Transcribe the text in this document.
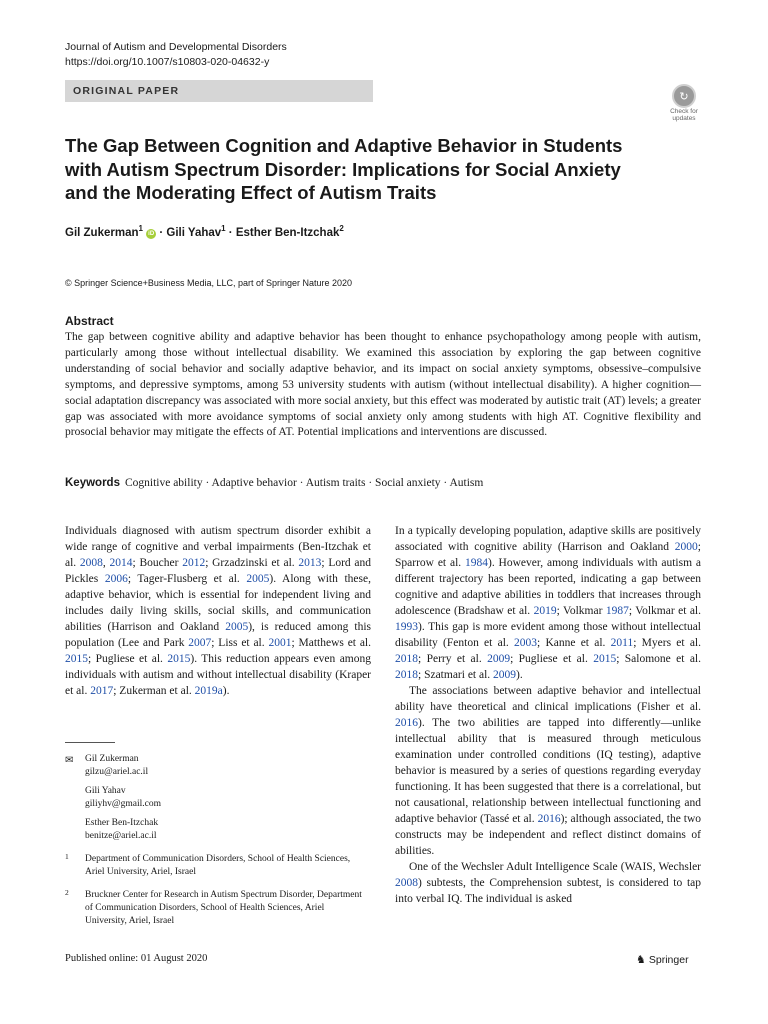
Journal of Autism and Developmental Disorders
https://doi.org/10.1007/s10803-020-04632-y
ORIGINAL PAPER	↻
Check for
updates
The Gap Between Cognition and Adaptive Behavior in Students with Autism Spectrum Disorder: Implications for Social Anxiety and the Moderating Effect of Autism Traits
Gil Zukerman$^1$ iD · Gili Yahav$^1$ · Esther Ben-Itzchak$^2$
© Springer Science+Business Media, LLC, part of Springer Nature 2020
Abstract

The gap between cognitive ability and adaptive behavior has been thought to enhance psychopathology among people with autism, particularly among those without intellectual disability. We examined this association by exploring the gap between cognitive understanding of social behavior and socially adaptive behavior, and its impact on social anxiety symptoms, obsessive–compulsive symptoms, and depressive symptoms, among 53 university students with autism (without intellectual disability). A higher cognition—social adaptation discrepancy was associated with more social anxiety, but this effect was moderated by autistic trait (AT) levels; a greater gap was associated with more avoidance symptoms of social anxiety only among students with high AT. Cognitive flexibility and prosocial behavior may mitigate the effects of AT. Potential implications and interventions are discussed.

Keywords Cognitive ability · Adaptive behavior · Autism traits · Social anxiety · Autism

Individuals diagnosed with autism spectrum disorder exhibit a wide range of cognitive and verbal impairments (Ben-Itzchak et al. 2008, 2014; Boucher 2012; Grzadzinski et al. 2013; Lord and Pickles 2006; Tager-Flusberg et al. 2005). Along with these, adaptive behavior, which is essential for independent living and includes daily living skills, social skills, and communication abilities (Harrison and Oakland 2005), is reduced among this population (Lee and Park 2007; Liss et al. 2001; Matthews et al. 2015; Pugliese et al. 2015). This reduction appears even among individuals with autism and without intellectual disability (Kraper et al. 2017; Zukerman et al. 2019a).

In a typically developing population, adaptive skills are positively associated with cognitive ability (Harrison and Oakland 2000; Sparrow et al. 1984). However, among individuals with autism a different trajectory has been reported, indicating a gap between cognitive and adaptive abilities in toddlers that increases through adolescence (Bradshaw et al. 2019; Volkmar 1987; Volkmar et al. 1993). This gap is more evident among those without intellectual disability (Fenton et al. 2003; Kanne et al. 2011; Myers et al. 2018; Perry et al. 2009; Pugliese et al. 2015; Salomone et al. 2018; Szatmari et al. 2009).

The associations between adaptive behavior and intellectual ability have theoretical and clinical implications (Fisher et al. 2016). The two abilities are tapped into differently—unlike intellectual ability that is measured through meticulous examination under controlled conditions (IQ testing), adaptive behavior is measured by a series of questions regarding everyday functioning. It has been suggested that there is a correlational, but not causational, relationship between intellectual functioning and adaptive behavior (Tassé et al. 2016); although associated, the two constructs may be independent and reflect distinct domains of abilities.

One of the Wechsler Adult Intelligence Scale (WAIS, Wechsler 2008) subtests, the Comprehension subtest, is considered to tap into verbal IQ. The individual is asked

✉ Gil Zukerman
gilzu@ariel.ac.il
Gili Yahav
giliyhv@gmail.com
Esther Ben-Itzchak
benitze@ariel.ac.il
1 Department of Communication Disorders, School of Health Sciences, Ariel University, Ariel, Israel
2 Bruckner Center for Research in Autism Spectrum Disorder, Department of Communication Disorders, School of Health Sciences, Ariel University, Ariel, Israel
Published online: 01 August 2020	♞ Springer
